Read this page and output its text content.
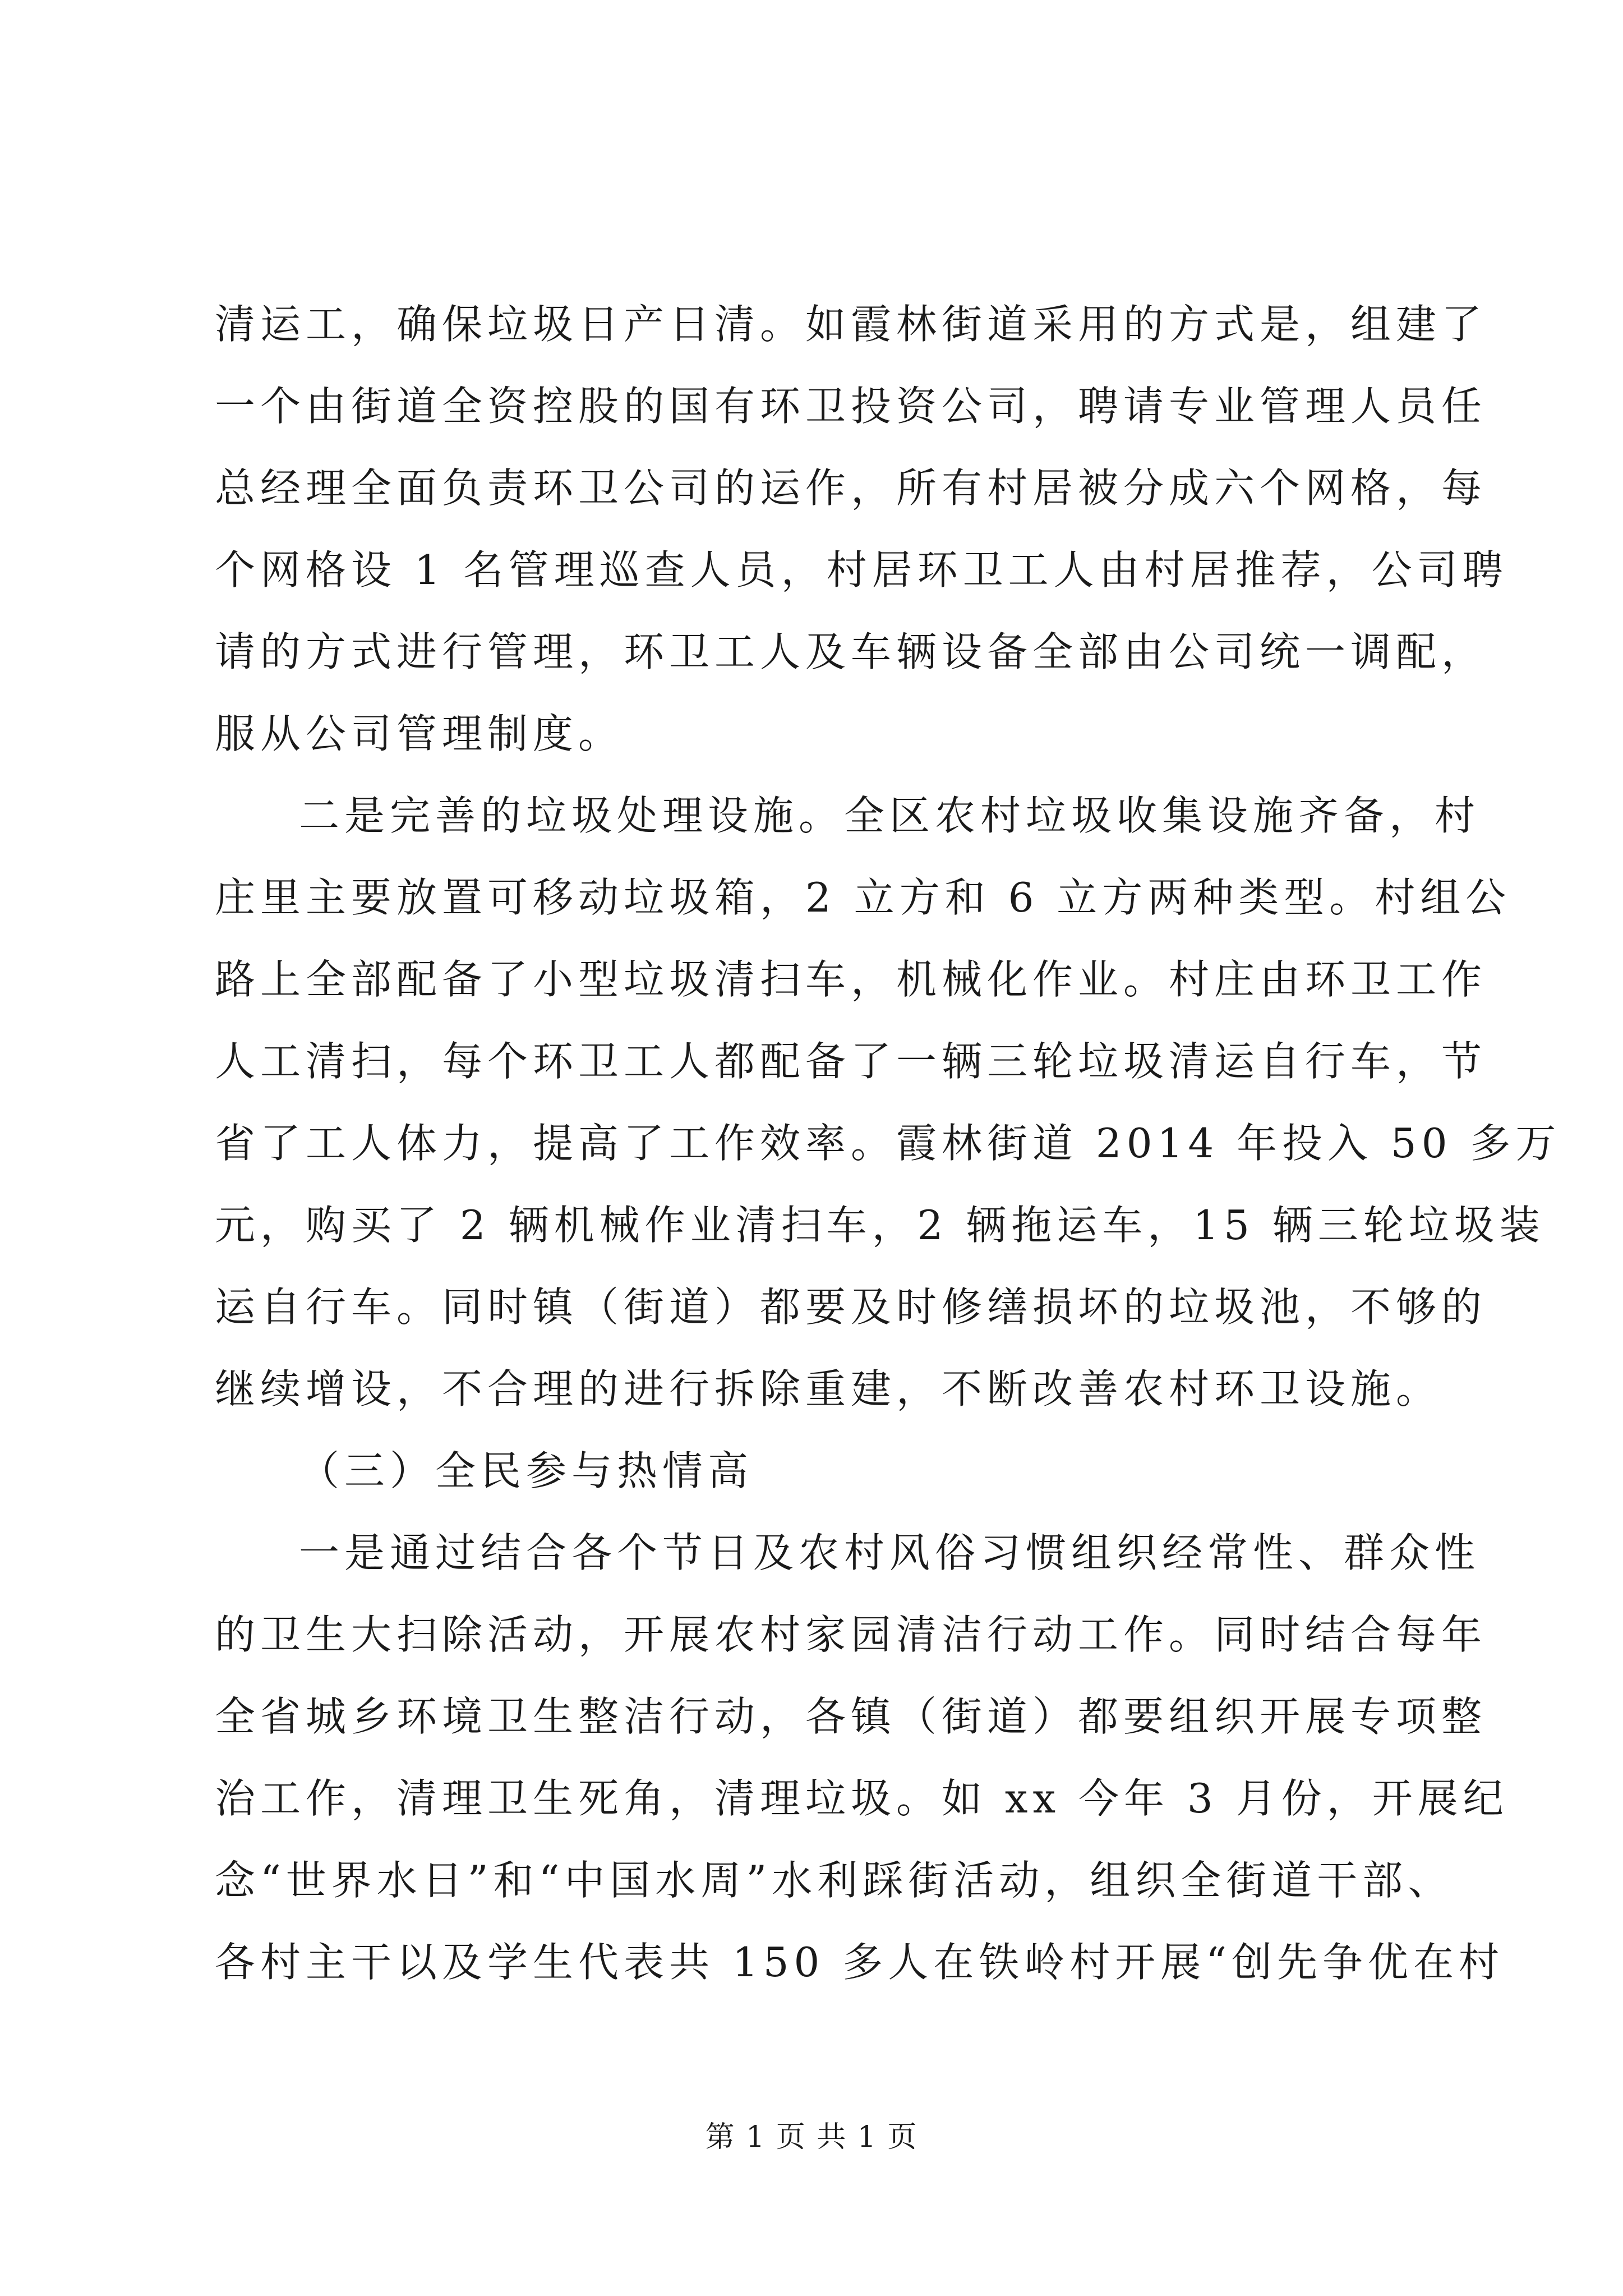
清运工，确保垃圾日产日清。如霞林街道采用的方式是，组建了
一个由街道全资控股的国有环卫投资公司，聘请专业管理人员任
总经理全面负责环卫公司的运作，所有村居被分成六个网格，每
个网格设 1 名管理巡查人员，村居环卫工人由村居推荐，公司聘
请的方式进行管理，环卫工人及车辆设备全部由公司统一调配，
服从公司管理制度。
二是完善的垃圾处理设施。全区农村垃圾收集设施齐备，村
庄里主要放置可移动垃圾箱，2 立方和 6 立方两种类型。村组公
路上全部配备了小型垃圾清扫车，机械化作业。村庄由环卫工作
人工清扫，每个环卫工人都配备了一辆三轮垃圾清运自行车，节
省了工人体力，提高了工作效率。霞林街道 2014 年投入 50 多万
元，购买了 2 辆机械作业清扫车，2 辆拖运车，15 辆三轮垃圾装
运自行车。同时镇（街道）都要及时修缮损坏的垃圾池，不够的
继续增设，不合理的进行拆除重建，不断改善农村环卫设施。
（三）全民参与热情高
一是通过结合各个节日及农村风俗习惯组织经常性、群众性
的卫生大扫除活动，开展农村家园清洁行动工作。同时结合每年
全省城乡环境卫生整洁行动，各镇（街道）都要组织开展专项整
治工作，清理卫生死角，清理垃圾。如 xx 今年 3 月份，开展纪
念“世界水日”和“中国水周”水利踩街活动，组织全街道干部、
各村主干以及学生代表共 150 多人在铁岭村开展“创先争优在村
第 1 页 共 1 页
